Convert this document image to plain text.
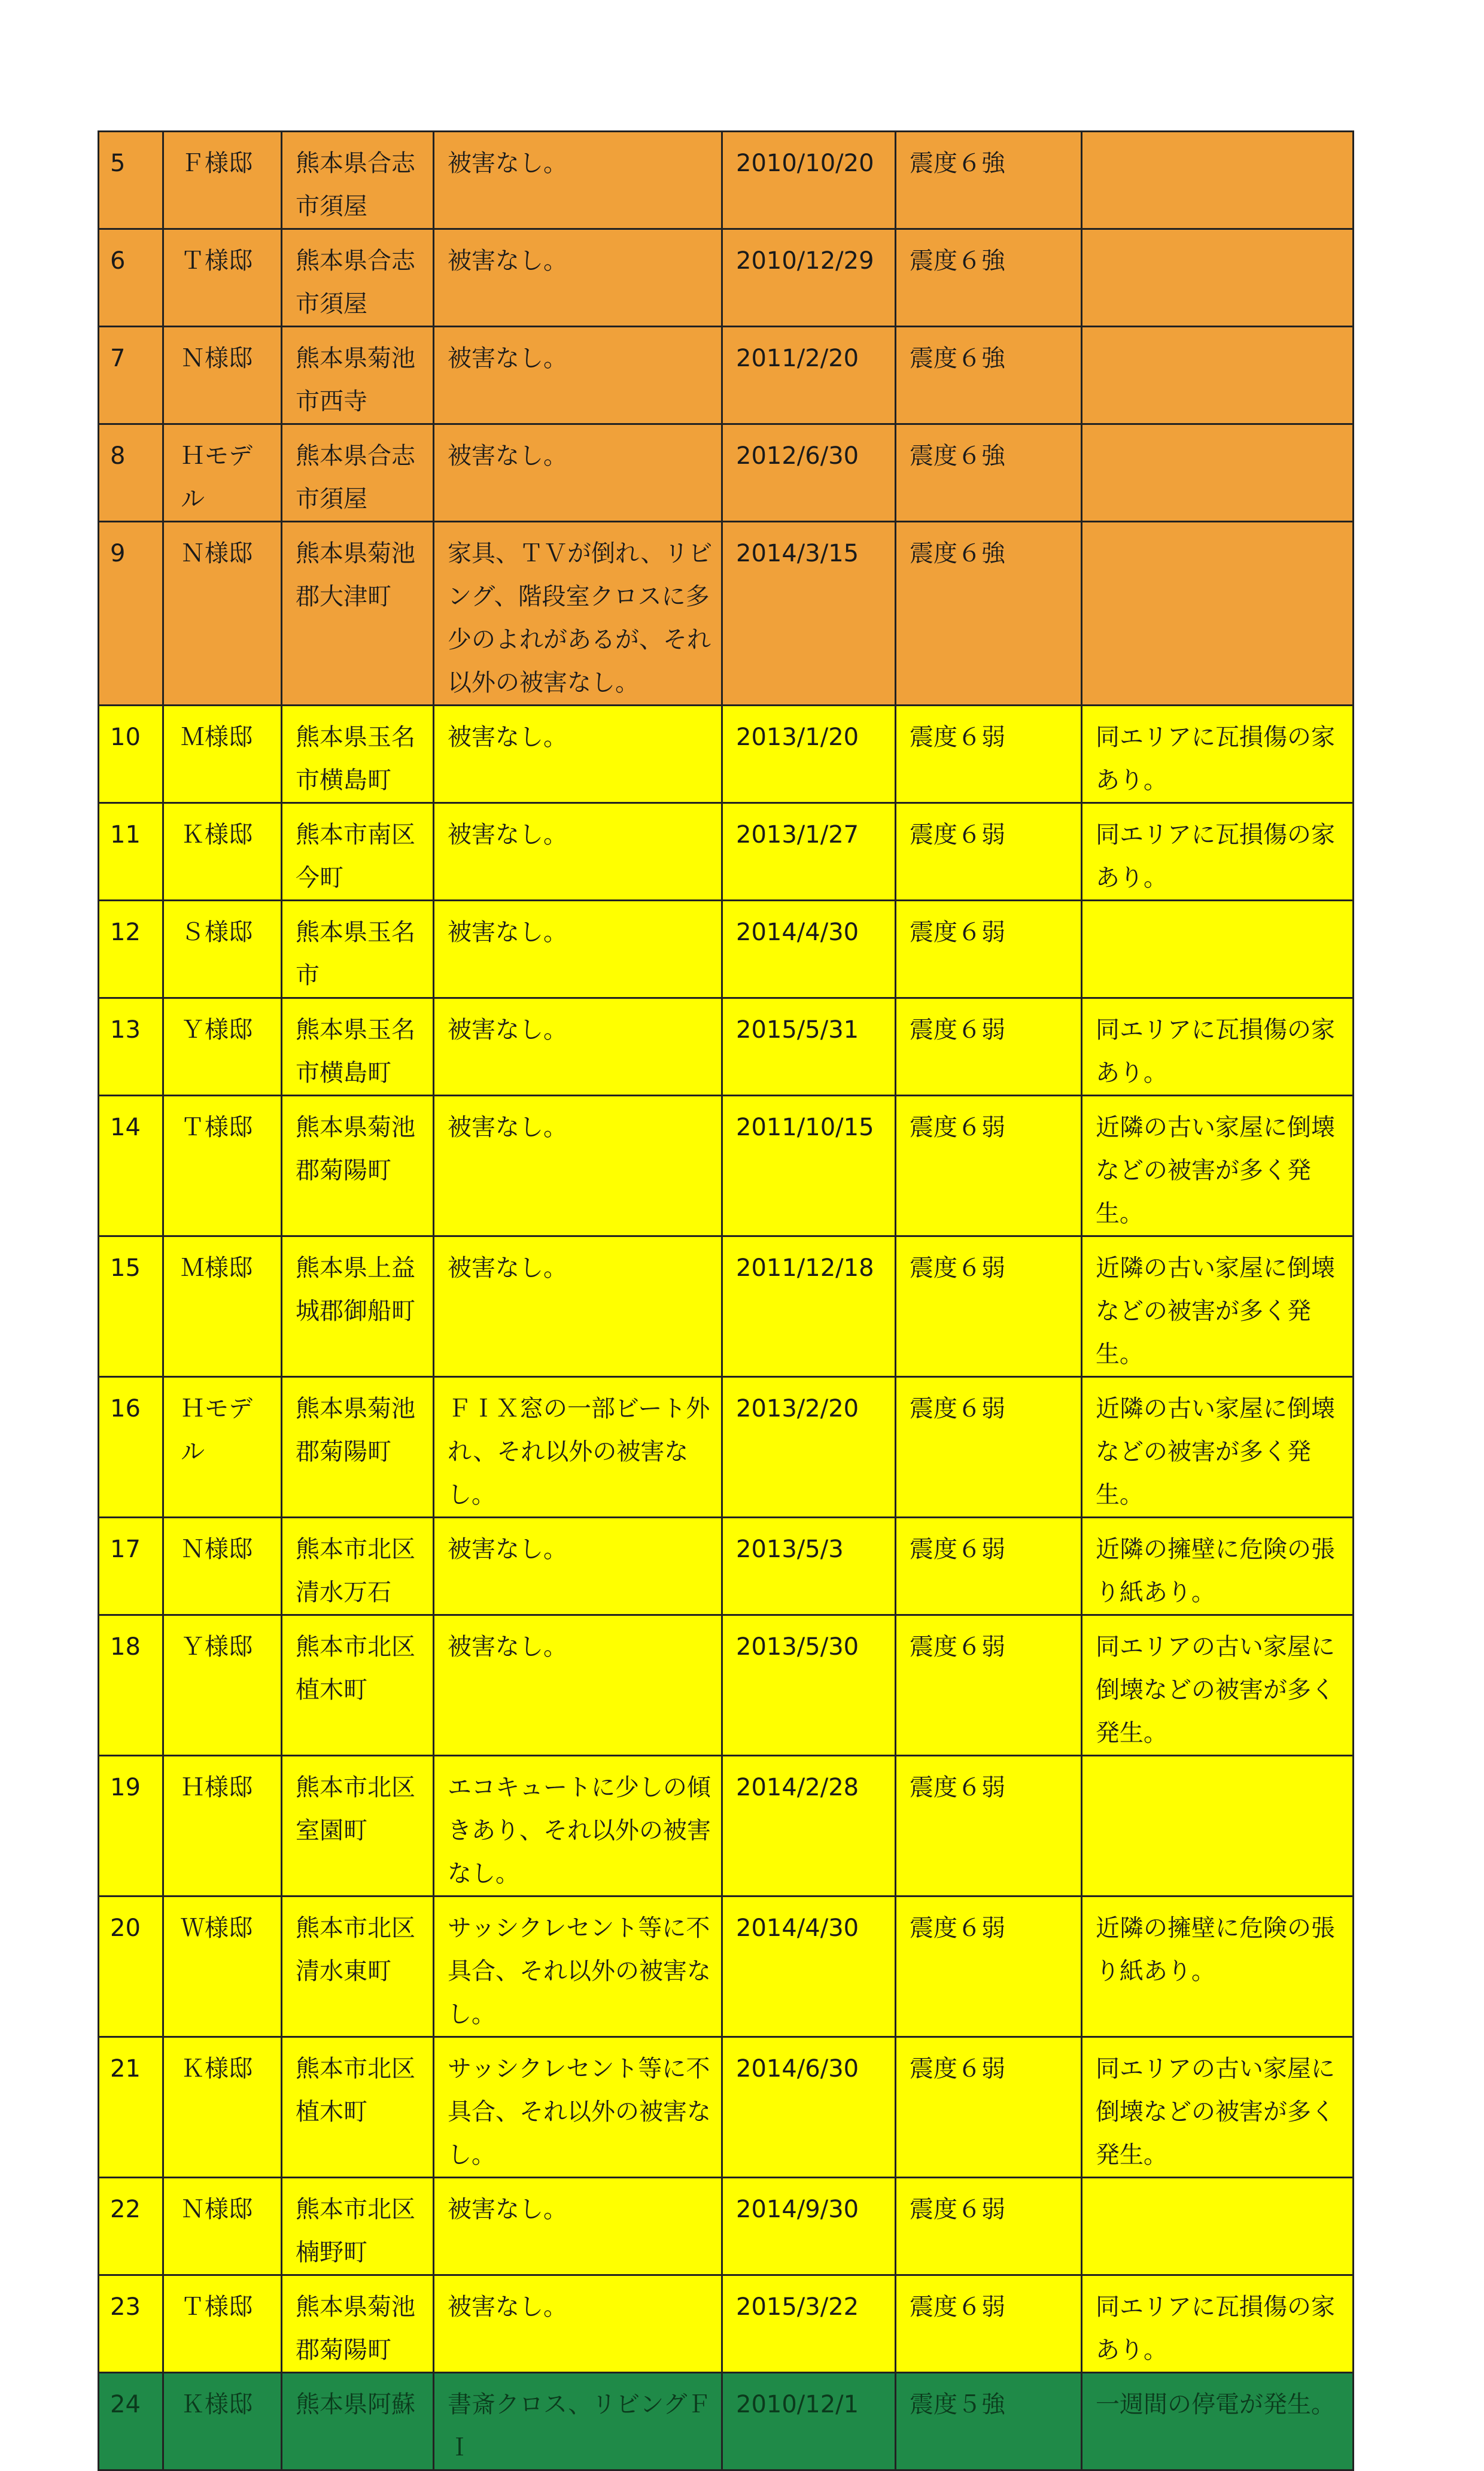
5	Ｆ様邸	熊本県合志市須屋	被害なし。	2010/10/20	震度６強	

6	Ｔ様邸	熊本県合志市須屋	被害なし。	2010/12/29	震度６強	

7	Ｎ様邸	熊本県菊池市西寺	被害なし。	2011/2/20	震度６強	

8	Ｈモデル	熊本県合志市須屋	被害なし。	2012/6/30	震度６強	

9	Ｎ様邸	熊本県菊池郡大津町	家具、ＴＶが倒れ、リビング、階段室クロスに多少のよれがあるが、それ以外の被害なし。	2014/3/15	震度６強	

10	Ｍ様邸	熊本県玉名市横島町	被害なし。	2013/1/20	震度６弱	同エリアに瓦損傷の家あり。

11	Ｋ様邸	熊本市南区今町	被害なし。	2013/1/27	震度６弱	同エリアに瓦損傷の家あり。

12	Ｓ様邸	熊本県玉名市	被害なし。	2014/4/30	震度６弱	

13	Ｙ様邸	熊本県玉名市横島町	被害なし。	2015/5/31	震度６弱	同エリアに瓦損傷の家あり。

14	Ｔ様邸	熊本県菊池郡菊陽町	被害なし。	2011/10/15	震度６弱	近隣の古い家屋に倒壊などの被害が多く発生。

15	Ｍ様邸	熊本県上益城郡御船町	被害なし。	2011/12/18	震度６弱	近隣の古い家屋に倒壊などの被害が多く発生。

16	Ｈモデル	熊本県菊池郡菊陽町	ＦＩＸ窓の一部ビート外れ、それ以外の被害なし。	2013/2/20	震度６弱	近隣の古い家屋に倒壊などの被害が多く発生。

17	Ｎ様邸	熊本市北区清水万石	被害なし。	2013/5/3	震度６弱	近隣の擁壁に危険の張り紙あり。

18	Ｙ様邸	熊本市北区植木町	被害なし。	2013/5/30	震度６弱	同エリアの古い家屋に倒壊などの被害が多く発生。

19	Ｈ様邸	熊本市北区室園町	エコキュートに少しの傾きあり、それ以外の被害なし。	2014/2/28	震度６弱	

20	Ｗ様邸	熊本市北区清水東町	サッシクレセント等に不具合、それ以外の被害なし。	2014/4/30	震度６弱	近隣の擁壁に危険の張り紙あり。

21	Ｋ様邸	熊本市北区植木町	サッシクレセント等に不具合、それ以外の被害なし。	2014/6/30	震度６弱	同エリアの古い家屋に倒壊などの被害が多く発生。

22	Ｎ様邸	熊本市北区楠野町	被害なし。	2014/9/30	震度６弱	

23	Ｔ様邸	熊本県菊池郡菊陽町	被害なし。	2015/3/22	震度６弱	同エリアに瓦損傷の家あり。

24	Ｋ様邸	熊本県阿蘇	書斎クロス、リビングＦＩ	2010/12/1	震度５強	一週間の停電が発生。
